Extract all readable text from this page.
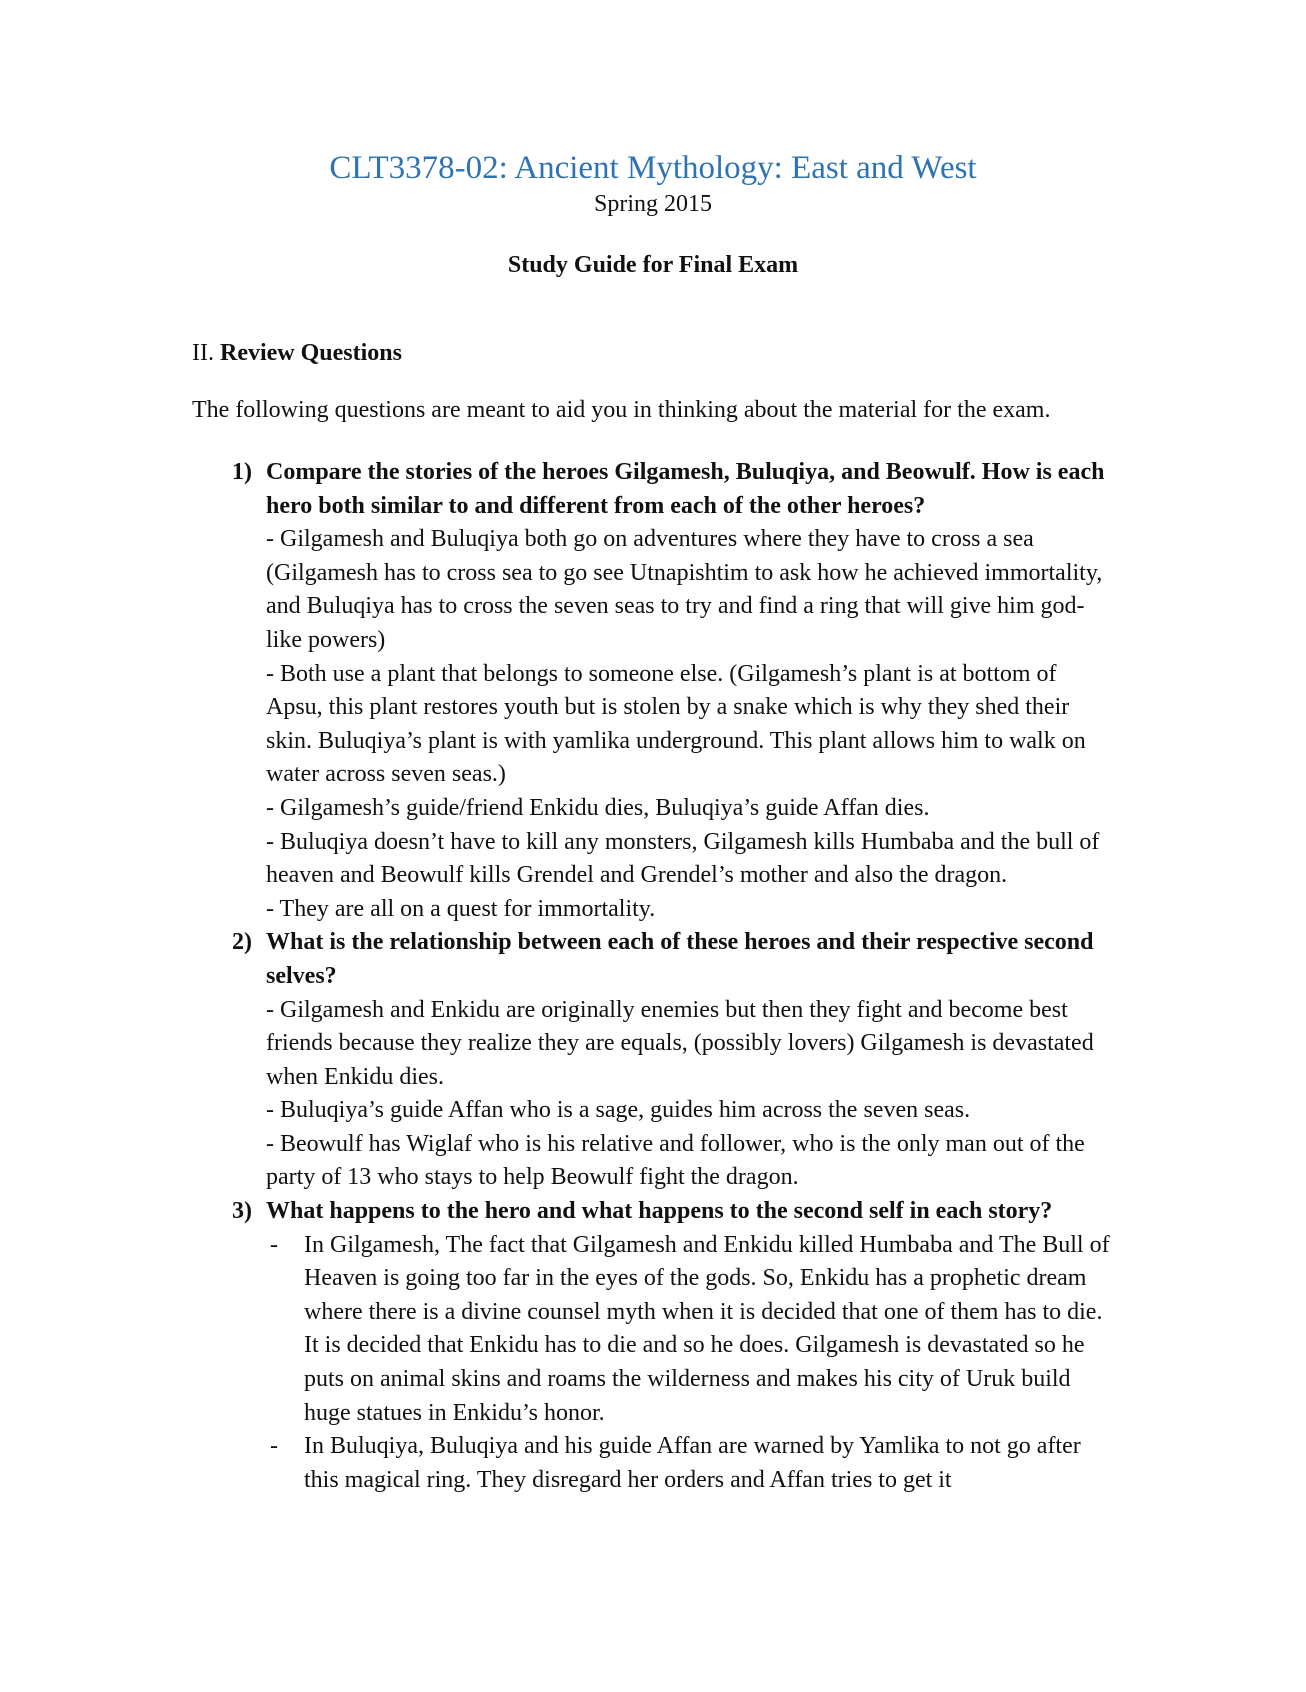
CLT3378-02: Ancient Mythology: East and West
Spring 2015
Study Guide for Final Exam
II. Review Questions
The following questions are meant to aid you in thinking about the material for the exam.
1) Compare the stories of the heroes Gilgamesh, Buluqiya, and Beowulf. How is each hero both similar to and different from each of the other heroes?
- Gilgamesh and Buluqiya both go on adventures where they have to cross a sea (Gilgamesh has to cross sea to go see Utnapishtim to ask how he achieved immortality, and Buluqiya has to cross the seven seas to try and find a ring that will give him god-like powers)
- Both use a plant that belongs to someone else. (Gilgamesh’s plant is at bottom of Apsu, this plant restores youth but is stolen by a snake which is why they shed their skin. Buluqiya’s plant is with yamlika underground. This plant allows him to walk on water across seven seas.)
- Gilgamesh’s guide/friend Enkidu dies, Buluqiya’s guide Affan dies.
- Buluqiya doesn’t have to kill any monsters, Gilgamesh kills Humbaba and the bull of heaven and Beowulf kills Grendel and Grendel’s mother and also the dragon.
- They are all on a quest for immortality.
2) What is the relationship between each of these heroes and their respective second selves?
- Gilgamesh and Enkidu are originally enemies but then they fight and become best friends because they realize they are equals, (possibly lovers) Gilgamesh is devastated when Enkidu dies.
- Buluqiya’s guide Affan who is a sage, guides him across the seven seas.
- Beowulf has Wiglaf who is his relative and follower, who is the only man out of the party of 13 who stays to help Beowulf fight the dragon.
3) What happens to the hero and what happens to the second self in each story?
- In Gilgamesh, The fact that Gilgamesh and Enkidu killed Humbaba and The Bull of Heaven is going too far in the eyes of the gods. So, Enkidu has a prophetic dream where there is a divine counsel myth when it is decided that one of them has to die. It is decided that Enkidu has to die and so he does. Gilgamesh is devastated so he puts on animal skins and roams the wilderness and makes his city of Uruk build huge statues in Enkidu’s honor.
- In Buluqiya, Buluqiya and his guide Affan are warned by Yamlika to not go after this magical ring. They disregard her orders and Affan tries to get it
